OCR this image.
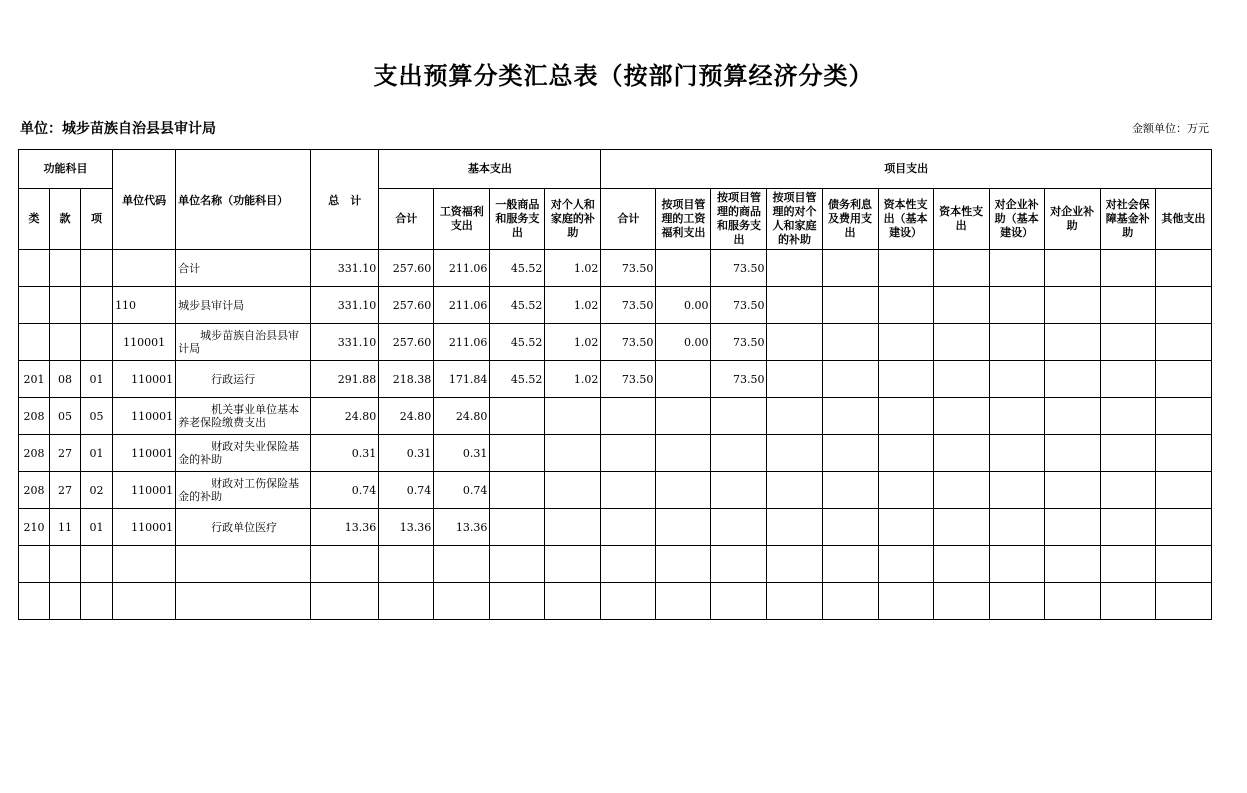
支出预算分类汇总表（按部门预算经济分类）
单位：城步苗族自治县县审计局	金额单位：万元
功能科目			单位代码	单位名称（功能科目）	总　计	基本支出				项目支出										
类	款	项				合计	工资福利支出	一般商品和服务支出	对个人和家庭的补助	合计	按项目管理的工资福利支出	按项目管理的商品和服务支出	按项目管理的对个人和家庭的补助	债务利息及费用支出	资本性支出（基本建设）	资本性支出	对企业补助（基本建设）	对企业补助	对社会保障基金补助	其他支出
				合计	331.10	257.60	211.06	45.52	1.02	73.50		73.50								
			110	城步县审计局	331.10	257.60	211.06	45.52	1.02	73.50	0.00	73.50								
			110001	　　城步苗族自治县县审计局	331.10	257.60	211.06	45.52	1.02	73.50	0.00	73.50								
201	08	01	110001	　　　行政运行	291.88	218.38	171.84	45.52	1.02	73.50		73.50								
208	05	05	110001	　　　机关事业单位基本养老保险缴费支出	24.80	24.80	24.80													
208	27	01	110001	　　　财政对失业保险基金的补助	0.31	0.31	0.31													
208	27	02	110001	　　　财政对工伤保险基金的补助	0.74	0.74	0.74													
210	11	01	110001	　　　行政单位医疗	13.36	13.36	13.36													
